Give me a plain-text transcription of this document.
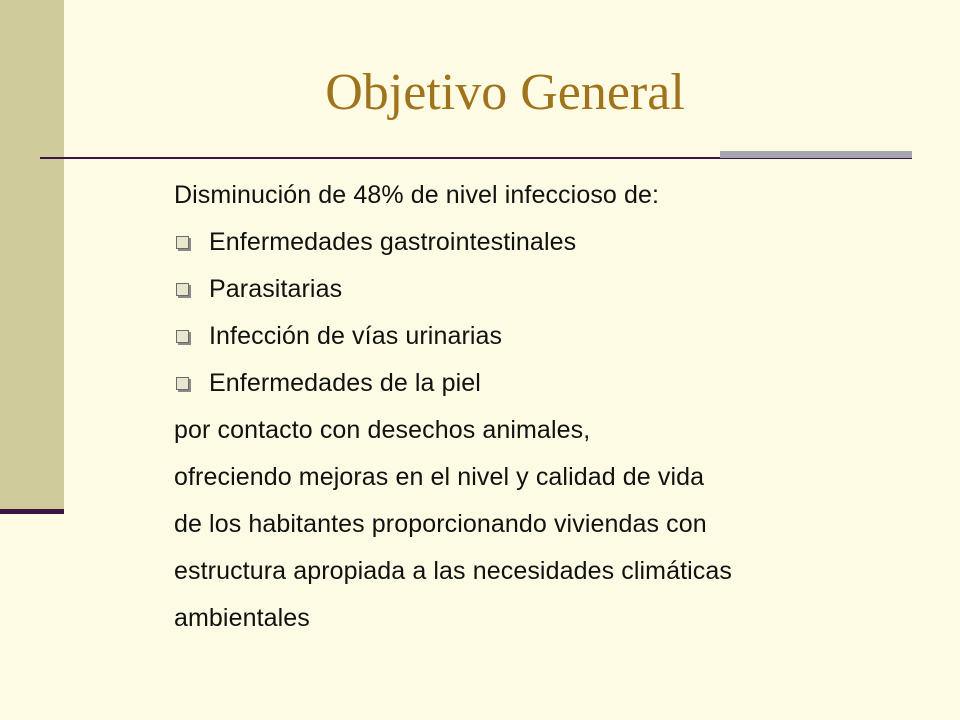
Objetivo General
Disminución de 48% de nivel infeccioso de:
Enfermedades gastrointestinales
Parasitarias
Infección de vías urinarias
Enfermedades de la piel
por contacto con desechos animales,
ofreciendo mejoras en el nivel y calidad de vida
de los habitantes proporcionando viviendas con
estructura apropiada a las necesidades climáticas
ambientales
